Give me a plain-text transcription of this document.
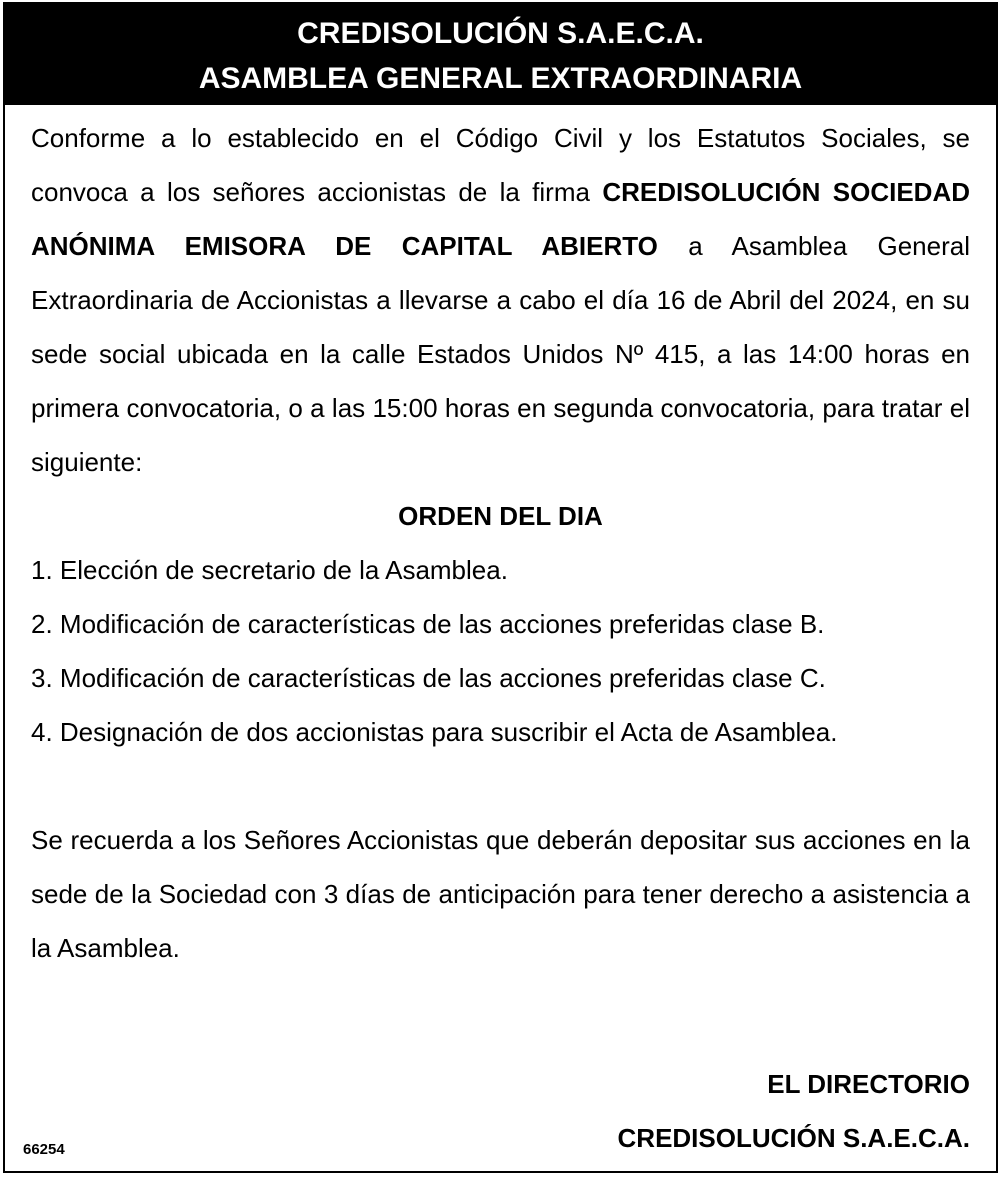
CREDISOLUCIÓN S.A.E.C.A.
ASAMBLEA GENERAL EXTRAORDINARIA

Conforme a lo establecido en el Código Civil y los Estatutos Sociales, se convoca a los señores accionistas de la firma CREDISOLUCIÓN SOCIEDAD ANÓNIMA EMISORA DE CAPITAL ABIERTO a Asamblea General Extraordinaria de Accionistas a llevarse a cabo el día 16 de Abril del 2024, en su sede social ubicada en la calle Estados Unidos Nº 415, a las 14:00 horas en primera convocatoria, o a las 15:00 horas en segunda convocatoria, para tratar el siguiente:

ORDEN DEL DIA

1. Elección de secretario de la Asamblea.
2. Modificación de características de las acciones preferidas clase B.
3. Modificación de características de las acciones preferidas clase C.
4. Designación de dos accionistas para suscribir el Acta de Asamblea.

Se recuerda a los Señores Accionistas que deberán depositar sus acciones en la sede de la Sociedad con 3 días de anticipación para tener derecho a asistencia a la Asamblea.

EL DIRECTORIO

CREDISOLUCIÓN S.A.E.C.A.

66254
